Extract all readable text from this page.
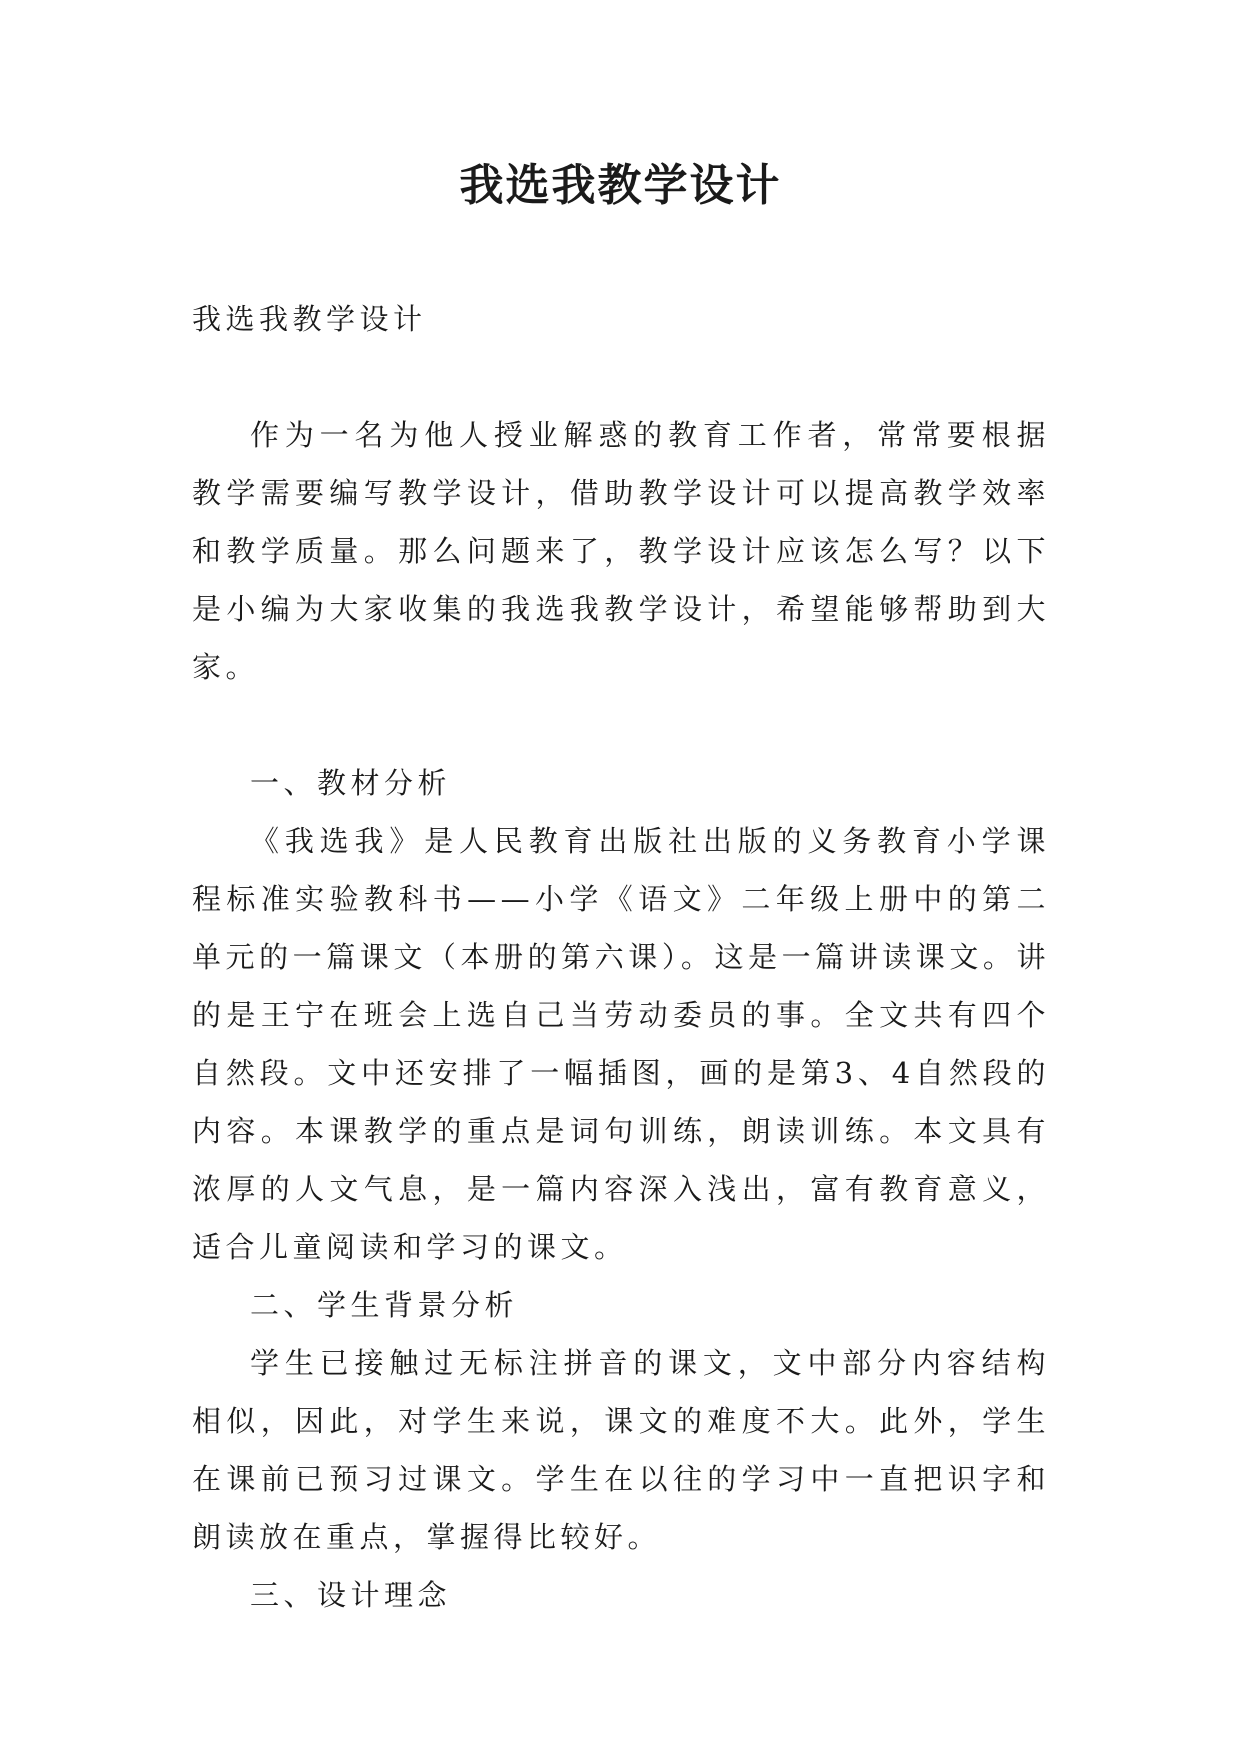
我选我教学设计

我选我教学设计

作为一名为他人授业解惑的教育工作者，常常要根据教学需要编写教学设计，借助教学设计可以提高教学效率和教学质量。那么问题来了，教学设计应该怎么写？以下是小编为大家收集的我选我教学设计，希望能够帮助到大家。

一、教材分析

《我选我》是人民教育出版社出版的义务教育小学课程标准实验教科书——小学《语文》二年级上册中的第二单元的一篇课文（本册的第六课）。这是一篇讲读课文。讲的是王宁在班会上选自己当劳动委员的事。全文共有四个自然段。文中还安排了一幅插图，画的是第3、4自然段的内容。本课教学的重点是词句训练，朗读训练。本文具有浓厚的人文气息，是一篇内容深入浅出，富有教育意义，适合儿童阅读和学习的课文。

二、学生背景分析

学生已接触过无标注拼音的课文，文中部分内容结构相似，因此，对学生来说，课文的难度不大。此外，学生在课前已预习过课文。学生在以往的学习中一直把识字和朗读放在重点，掌握得比较好。

三、设计理念
